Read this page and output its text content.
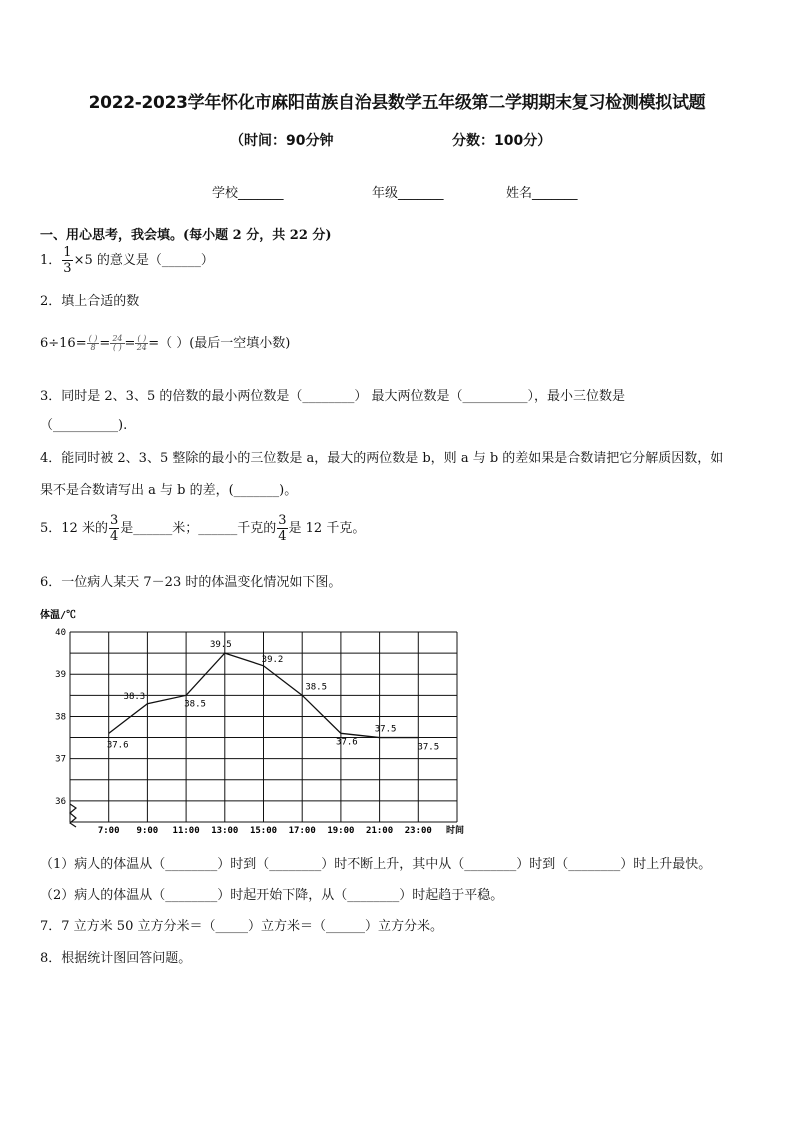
2022-2023学年怀化市麻阳苗族自治县数学五年级第二学期期末复习检测模拟试题
（时间：90分钟	分数：100分）
学校_______	年级_______	姓名_______
一、用心思考，我会填。(每小题 2 分，共 22 分)
1． $\frac{1}{3} \times 5$ 的意义是（______）
2．填上合适的数
6÷16= ( )
8 = 24
( ) = ( )
24 =（ ）(最后一空填小数)
3．同时是 2、3、5 的倍数的最小两位数是（________） 最大两位数是（__________），最小三位数是
（__________).
4．能同时被 2、3、5 整除的最小的三位数是 a，最大的两位数是 b，则 a 与 b 的差如果是合数请把它分解质因数，如
果不是合数请写出 a 与 b 的差，(_______)。
5．12 米的 $\frac{3}{4}$ 是______米；______千克的 $\frac{3}{4}$ 是 12 千克。
6．一位病人某天 7－23 时的体温变化情况如下图。
体温/℃
40
39
38
37
36
7:00 9:00 11:00 13:00 15:00 17:00 19:00 21:00 23:00
37.6
38.3
38.5
39.5
39.2
38.5
37.6
37.5
37.5
时间
（1）病人的体温从（________）时到（________）时不断上升，其中从（________）时到（________）时上升最快。
（2）病人的体温从（________）时起开始下降，从（________）时起趋于平稳。
7．7 立方米 50 立方分米＝（_____）立方米＝（______）立方分米。
8．根据统计图回答问题。
